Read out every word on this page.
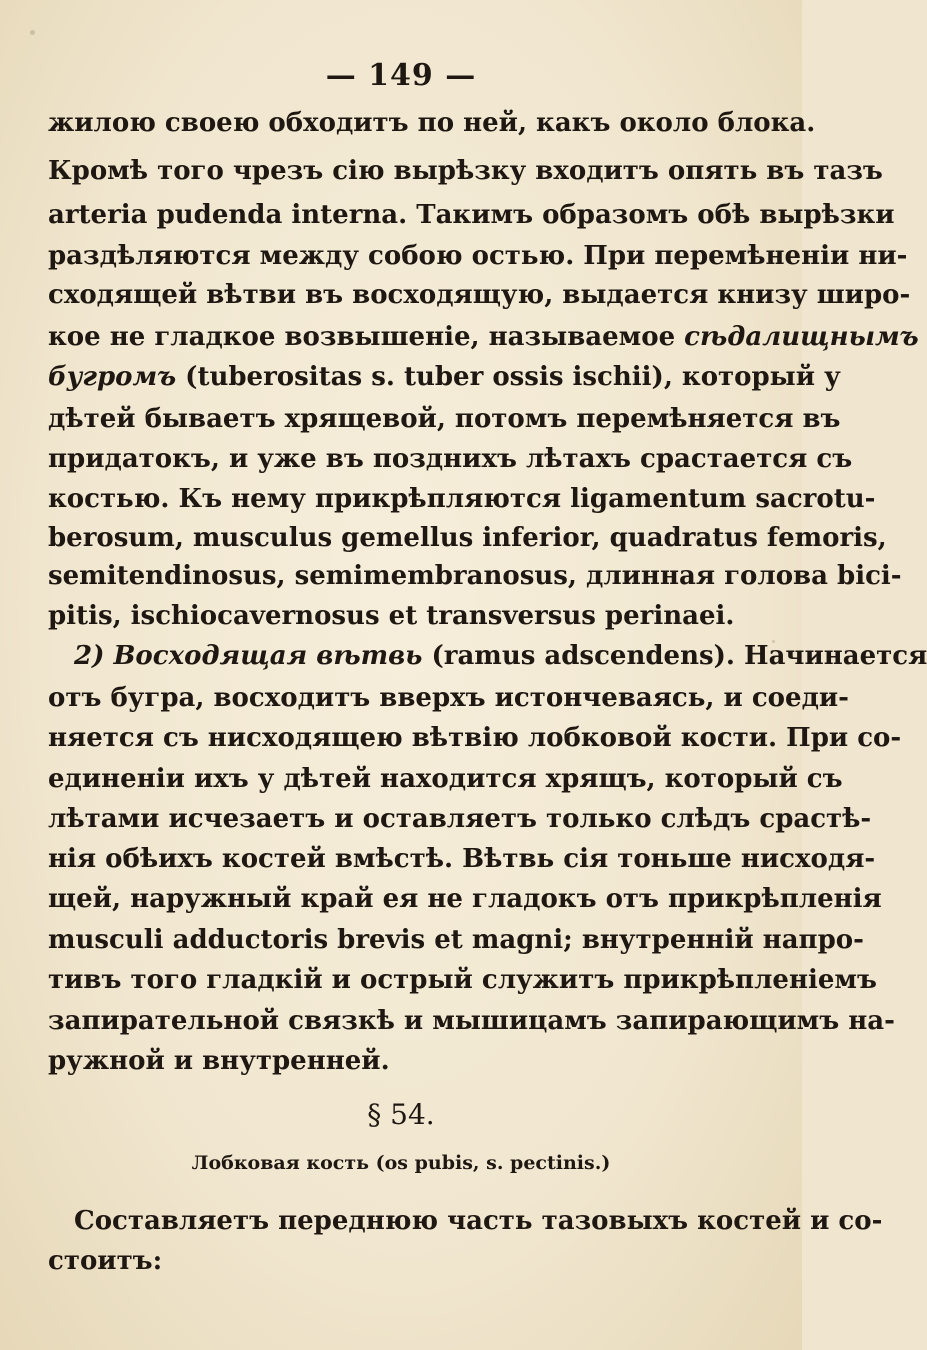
— 149 —
жилою своею обходитъ по ней, какъ около блока.
Кромѣ того чрезъ сію вырѣзку входитъ опять въ тазъ
arteria pudenda interna. Такимъ образомъ обѣ вырѣзки
раздѣляются между собою остью. При перемѣненіи ни-
сходящей вѣтви въ восходящую, выдается книзу широ-
кое не гладкое возвышеніе, называемое сѣдалищнымъ
бугромъ (tuberositas s. tuber ossis ischii), который у
дѣтей бываетъ хрящевой, потомъ перемѣняется въ
придатокъ, и уже въ позднихъ лѣтахъ срастается съ
костью. Къ нему прикрѣпляются ligamentum sacrotu-
berosum, musculus gemellus inferior, quadratus femoris,
semitendinosus, semimembranosus, длинная голова bici-
pitis, ischiocavernosus et transversus perinaei.
2) Восходящая вѣтвь (ramus adscendens). Начинается
отъ бугра, восходитъ вверхъ истончеваясь, и соеди-
няется съ нисходящею вѣтвію лобковой кости. При со-
единеніи ихъ у дѣтей находится хрящъ, который съ
лѣтами исчезаетъ и оставляетъ только слѣдъ срастѣ-
нія обѣихъ костей вмѣстѣ. Вѣтвь сія тоньше нисходя-
щей, наружный край ея не гладокъ отъ прикрѣпленія
musculi adductoris brevis et magni; внутренній напро-
тивъ того гладкій и острый служитъ прикрѣпленіемъ
запирательной связкѣ и мышицамъ запирающимъ на-
ружной и внутренней.
§ 54.
Лобковая кость (os pubis, s. pectinis.)
Составляетъ переднюю часть тазовыхъ костей и со-
стоитъ:
